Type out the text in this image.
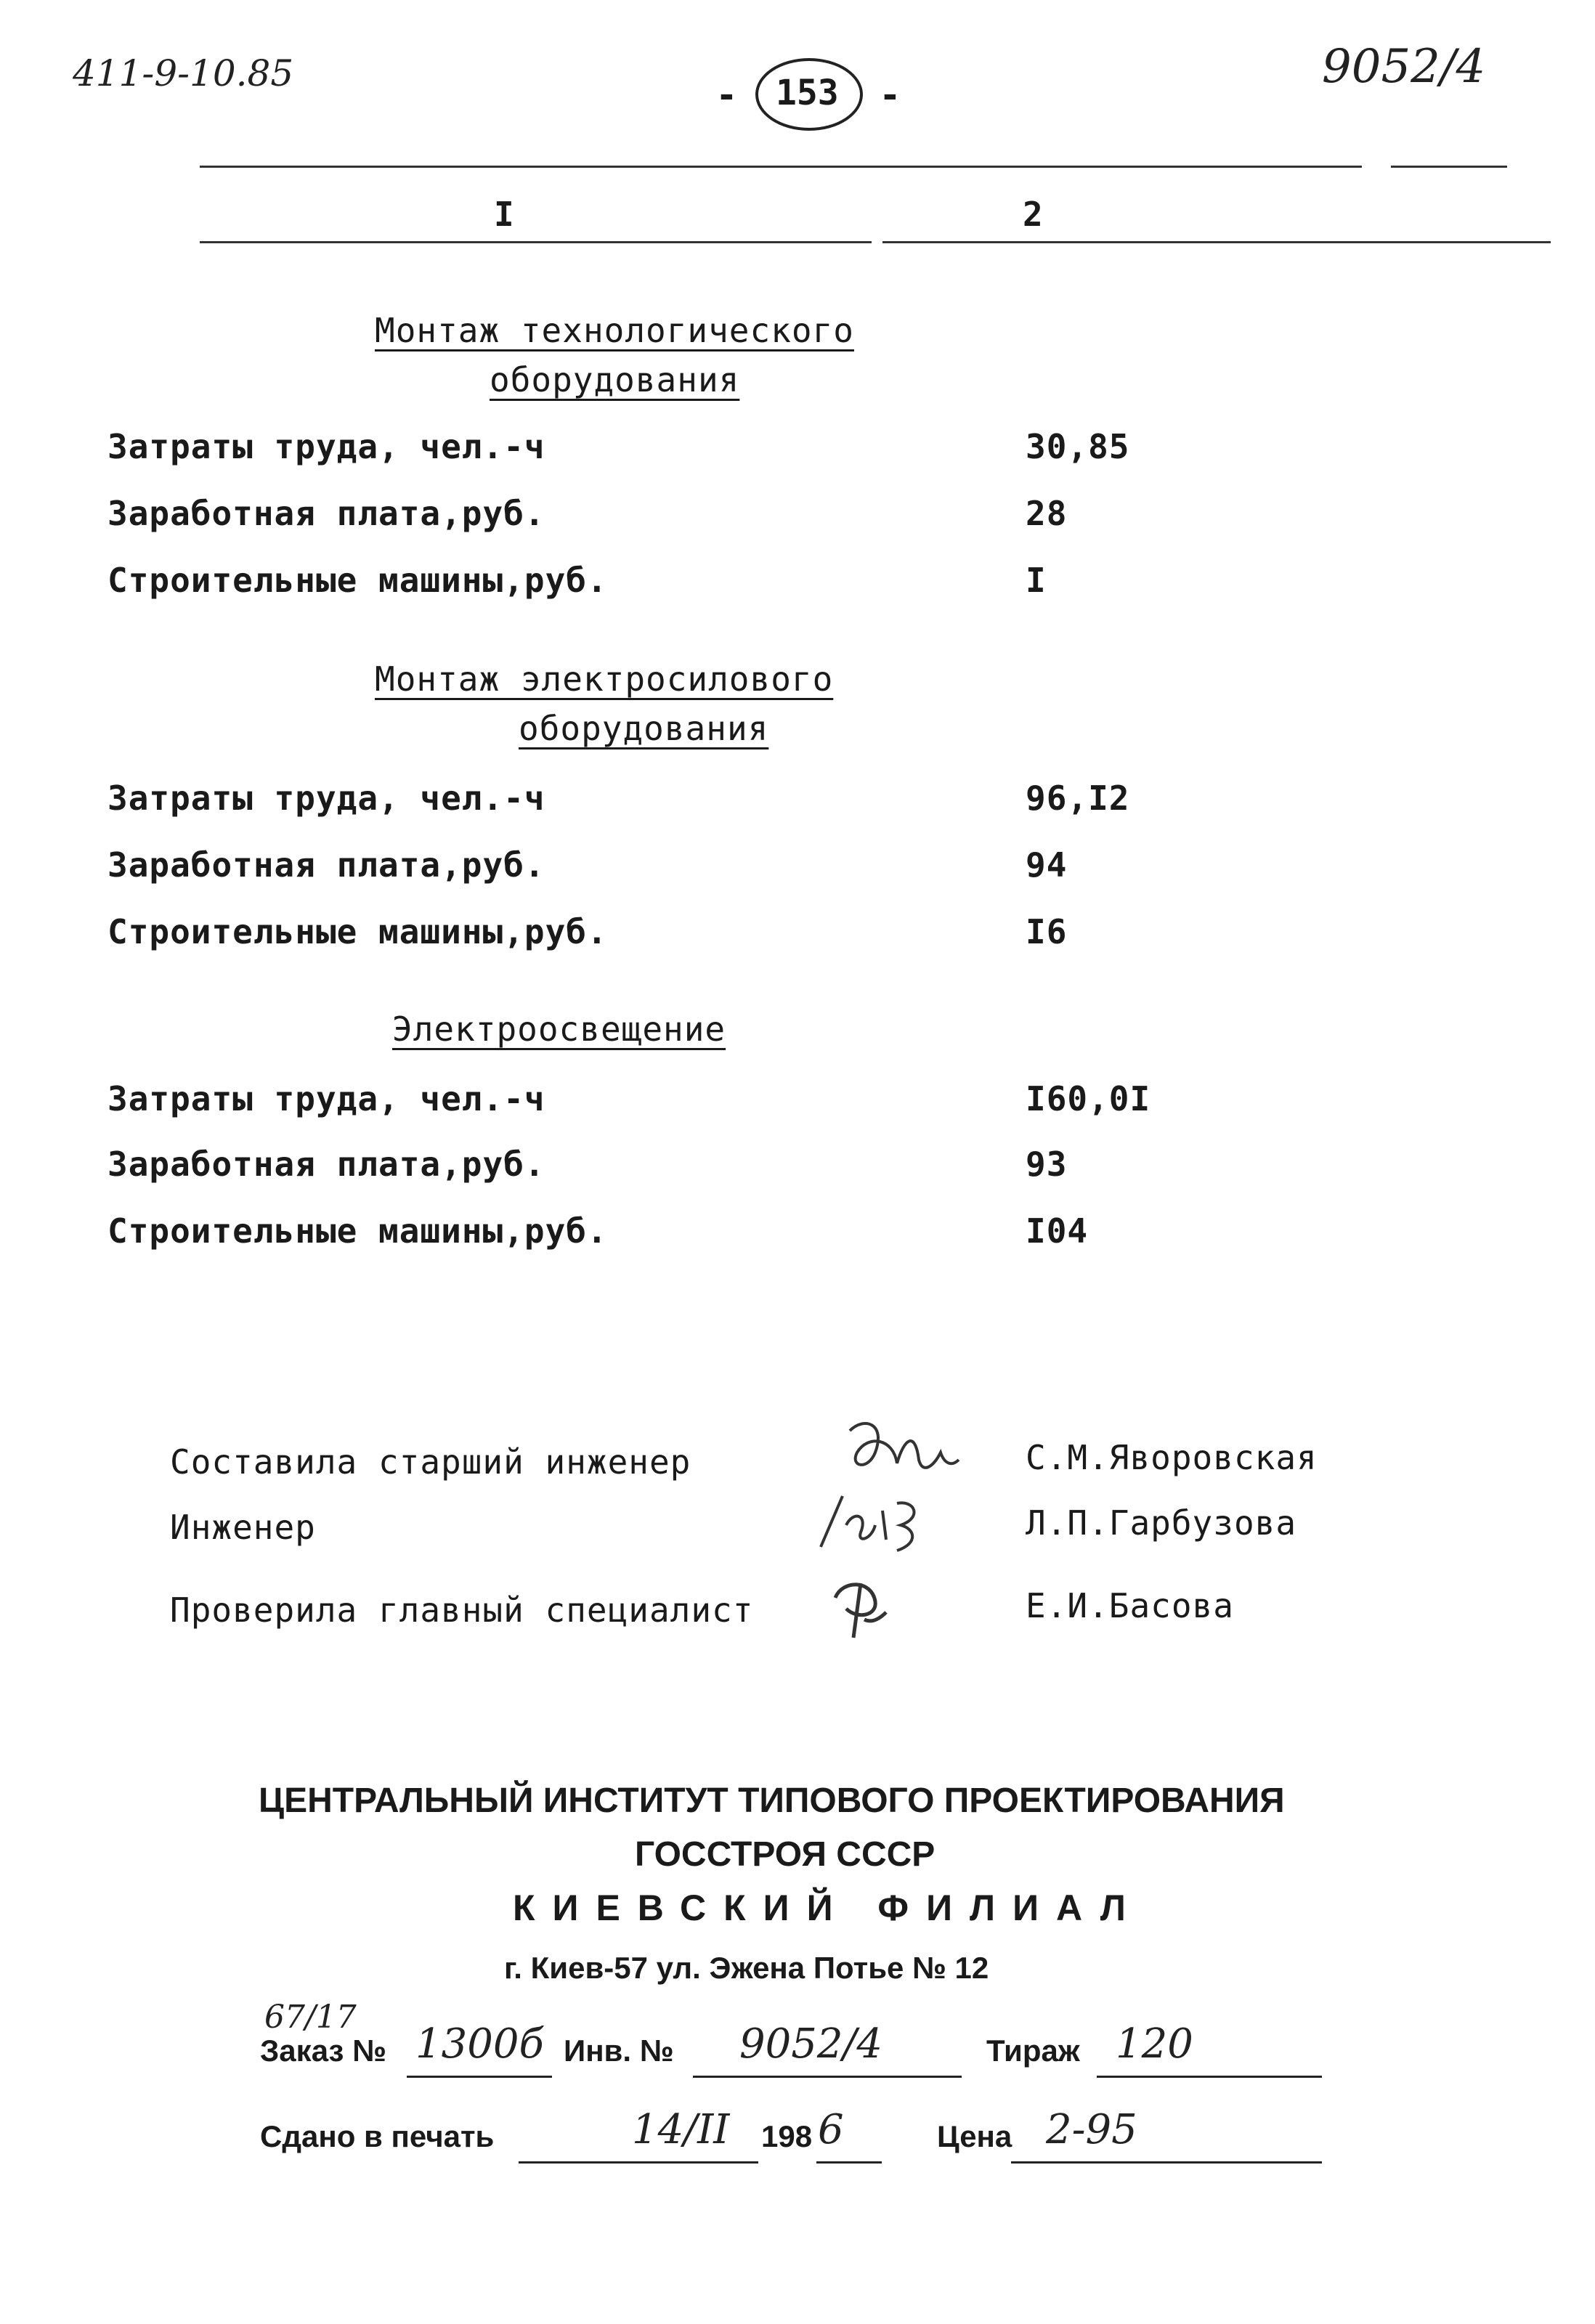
411-9-10.85
- 153 -
9052/4
I	2
Монтаж технологического
оборудования
Затраты труда, чел.-ч	30,85
Заработная плата,руб.	28
Строительные машины,руб.	I
Монтаж электросилового
оборудования
Затраты труда, чел.-ч	96,I2
Заработная плата,руб.	94
Строительные машины,руб.	I6
Электроосвещение
Затраты труда, чел.-ч	I60,0I
Заработная плата,руб.	93
Строительные машины,руб.	I04
Составила старший инженер	С.М.Яворовская
Инженер	Л.П.Гарбузова
Проверила главный специалист	Е.И.Басова
ЦЕНТРАЛЬНЫЙ ИНСТИТУТ ТИПОВОГО ПРОЕКТИРОВАНИЯ
ГОССТРОЯ СССР
КИЕВСКИЙ ФИЛИАЛ
г. Киев-57 ул. Эжена Потье № 12
67/17
Заказ № 1300б Инв. № 9052/4	Тираж 120
Сдано в печать	14/II 198 6	Цена 2-95
